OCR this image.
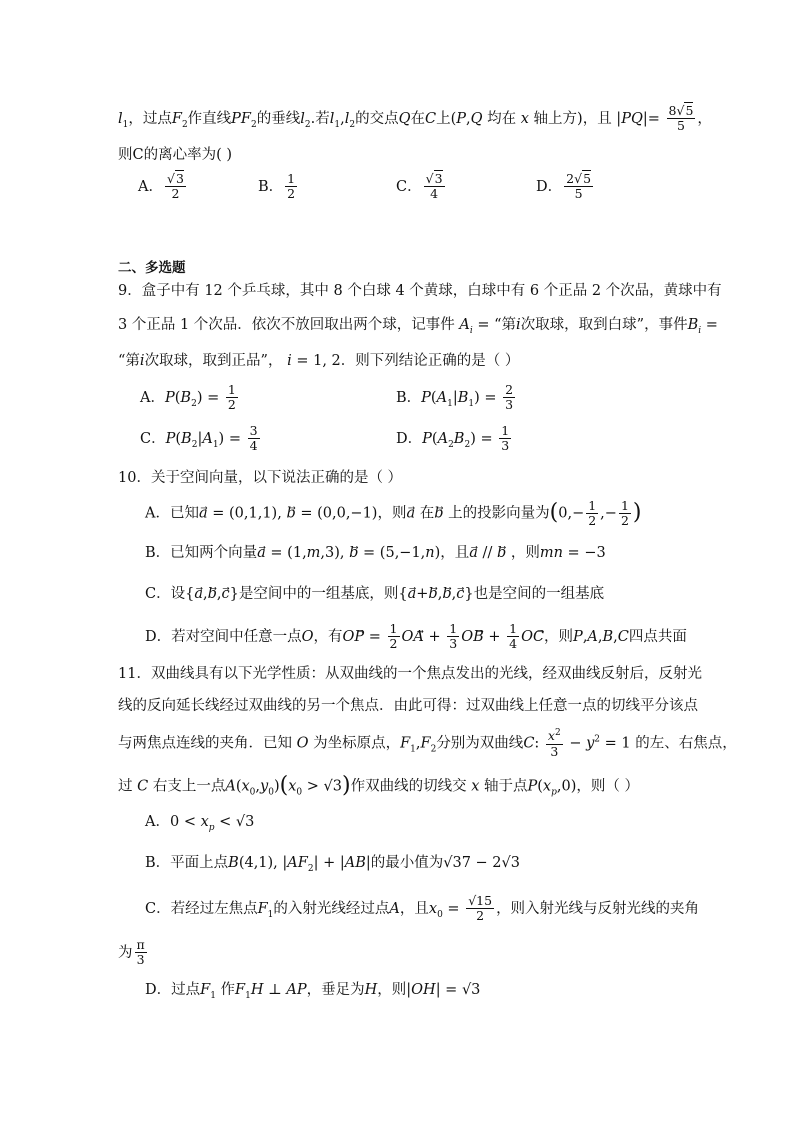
$l_1$，过点$F_2$作直线$PF_2$的垂线$l_2$.若$l_1,l_2$的交点Q在C上(P,Q 均在 x 轴上方)，且 $|PQ|= \frac{8√5}{5}$ ，
则C的离心率为( )
A． $\frac{√3}{2}$	B． $\frac{1}{2}$	C． $\frac{√3}{4}$	D． $\frac{2√5}{5}$
二、多选题
9．盒子中有 12 个乒乓球，其中 8 个白球 4 个黄球，白球中有 6 个正品 2 个次品，黄球中有
3 个正品 1 个次品．依次不放回取出两个球，记事件 $A_i$ = “第i次取球，取到白球”，事件$B_i$ =
“第i次取球，取到正品”， i = 1, 2．则下列结论正确的是（ ）
A．$P(B_2) = \frac{1}{2}$	B．$P(A_1|B_1) = \frac{2}{3}$
C．$P(B_2|A_1) = \frac{3}{4}$	D．$P(A_2B_2) = \frac{1}{3}$
10．关于空间向量，以下说法正确的是（ ）
A．已知a⃗ = (0,1,1), b⃗ = (0,0,−1)，则a⃗ 在b⃗ 上的投影向量为($0,- \frac{1}{2}$ ,− $\frac{1}{2}$ )
B．已知两个向量a⃗ = (1,m,3), b⃗ = (5,−1,n)，且a⃗ // b⃗ ，则mn = −3
C．设{a⃗,b⃗,c⃗}是空间中的一组基底，则{a⃗+b⃗,b⃗,c⃗}也是空间的一组基底
D．若对空间中任意一点O，有OP⃗ = $\frac{1}{2}$ OA⃗ + $\frac{1}{3}$ OB⃗ + $\frac{1}{4}$ OC，则P,A,B,C四点共面
11．双曲线具有以下光学性质：从双曲线的一个焦点发出的光线，经双曲线反射后，反射光
线的反向延长线经过双曲线的另一个焦点．由此可得：过双曲线上任意一点的切线平分该点
与两焦点连线的夹角．已知 O 为坐标原点，$F_1,F_2$分别为双曲线C: $\frac{x^2}{3} - y^2 = 1$ 的左、右焦点，
过 C 右支上一点$A(x_0,y_0)(x_0 > √3)$作双曲线的切线交 x 轴于点$P(x_p,0)$，则（ ）
A．$0 < x_p < √3$
B．平面上点B(4,1), $|AF_2| + |AB|$的最小值为√37 − 2√3
C．若经过左焦点$F_1$的入射光线经过点A，且$x_0 = \frac{√15}{2}$ ，则入射光线与反射光线的夹角
为 $\frac{\pi}{3}$
D．过点$F_1$ 作$F_1H$ ⊥ AP，垂足为H，则|OH| = √3
